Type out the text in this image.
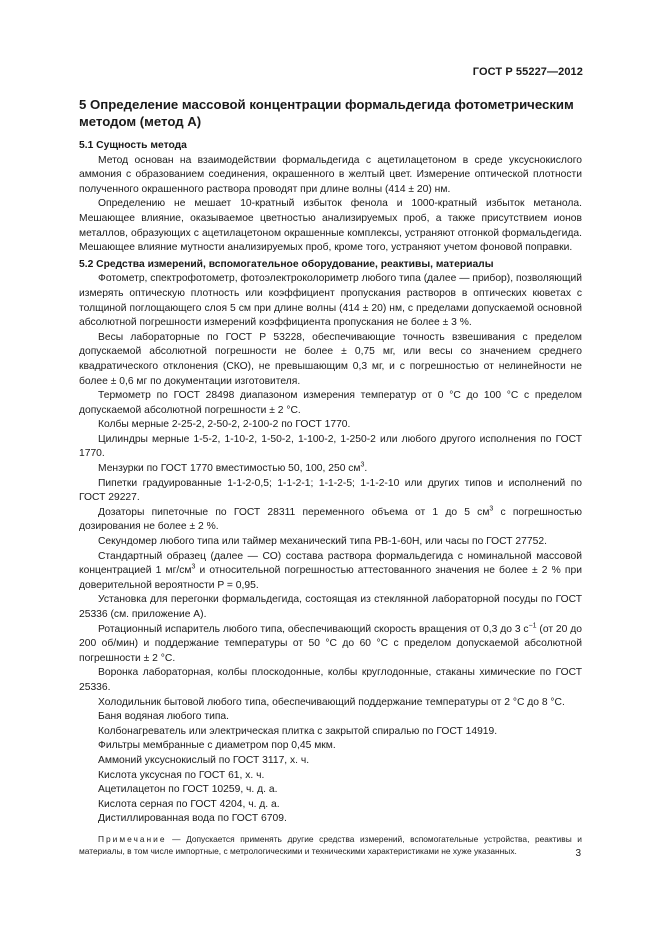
ГОСТ Р 55227—2012
5 Определение массовой концентрации формальдегида фотометрическим методом (метод А)
5.1 Сущность метода

Метод основан на взаимодействии формальдегида с ацетилацетоном в среде уксуснокислого аммония с образованием соединения, окрашенного в желтый цвет. Измерение оптической плотности полученного окрашенного раствора проводят при длине волны (414 ± 20) нм.

Определению не мешает 10-кратный избыток фенола и 1000-кратный избыток метанола. Мешающее влияние, оказываемое цветностью анализируемых проб, а также присутствием ионов металлов, образующих с ацетилацетоном окрашенные комплексы, устраняют отгонкой формальдегида. Мешающее влияние мутности анализируемых проб, кроме того, устраняют учетом фоновой поправки.

5.2 Средства измерений, вспомогательное оборудование, реактивы, материалы

Фотометр, спектрофотометр, фотоэлектроколориметр любого типа (далее — прибор), позволяющий измерять оптическую плотность или коэффициент пропускания растворов в оптических кюветах с толщиной поглощающего слоя 5 см при длине волны (414 ± 20) нм, с пределами допускаемой основной абсолютной погрешности измерений коэффициента пропускания не более ± 3 %.

Весы лабораторные по ГОСТ Р 53228, обеспечивающие точность взвешивания с пределом допускаемой абсолютной погрешности не более ± 0,75 мг, или весы со значением среднего квадратического отклонения (СКО), не превышающим 0,3 мг, и с погрешностью от нелинейности не более ± 0,6 мг по документации изготовителя.

Термометр по ГОСТ 28498 диапазоном измерения температур от 0 °С до 100 °С с пределом допускаемой абсолютной погрешности ± 2 °С.

Колбы мерные 2-25-2, 2-50-2, 2-100-2 по ГОСТ 1770.

Цилиндры мерные 1-5-2, 1-10-2, 1-50-2, 1-100-2, 1-250-2 или любого другого исполнения по ГОСТ 1770.

Мензурки по ГОСТ 1770 вместимостью 50, 100, 250 $см^3$.

Пипетки градуированные 1-1-2-0,5; 1-1-2-1; 1-1-2-5; 1-1-2-10 или других типов и исполнений по ГОСТ 29227.

Дозаторы пипеточные по ГОСТ 28311 переменного объема от 1 до 5 $см^3$ с погрешностью дозирования не более ± 2 %.

Секундомер любого типа или таймер механический типа РВ-1-60Н, или часы по ГОСТ 27752.

Стандартный образец (далее — СО) состава раствора формальдегида с номинальной массовой концентрацией 1 $мг/см^3$ и относительной погрешностью аттестованного значения не более ± 2 % при доверительной вероятности P = 0,95.

Установка для перегонки формальдегида, состоящая из стеклянной лабораторной посуды по ГОСТ 25336 (см. приложение А).

Ротационный испаритель любого типа, обеспечивающий скорость вращения от 0,3 до 3 $с^{-1}$ (от 20 до 200 об/мин) и поддержание температуры от 50 °С до 60 °С с пределом допускаемой абсолютной погрешности ± 2 °С.

Воронка лабораторная, колбы плоскодонные, колбы круглодонные, стаканы химические по ГОСТ 25336.

Холодильник бытовой любого типа, обеспечивающий поддержание температуры от 2 °С до 8 °С.

Баня водяная любого типа.

Колбонагреватель или электрическая плитка с закрытой спиралью по ГОСТ 14919.

Фильтры мембранные с диаметром пор 0,45 мкм.

Аммоний уксуснокислый по ГОСТ 3117, х. ч.

Кислота уксусная по ГОСТ 61, х. ч.

Ацетилацетон по ГОСТ 10259, ч. д. а.

Кислота серная по ГОСТ 4204, ч. д. а.

Дистиллированная вода по ГОСТ 6709.

Примечание — Допускается применять другие средства измерений, вспомогательные устройства, реактивы и материалы, в том числе импортные, с метрологическими и техническими характеристиками не хуже указанных.	3
